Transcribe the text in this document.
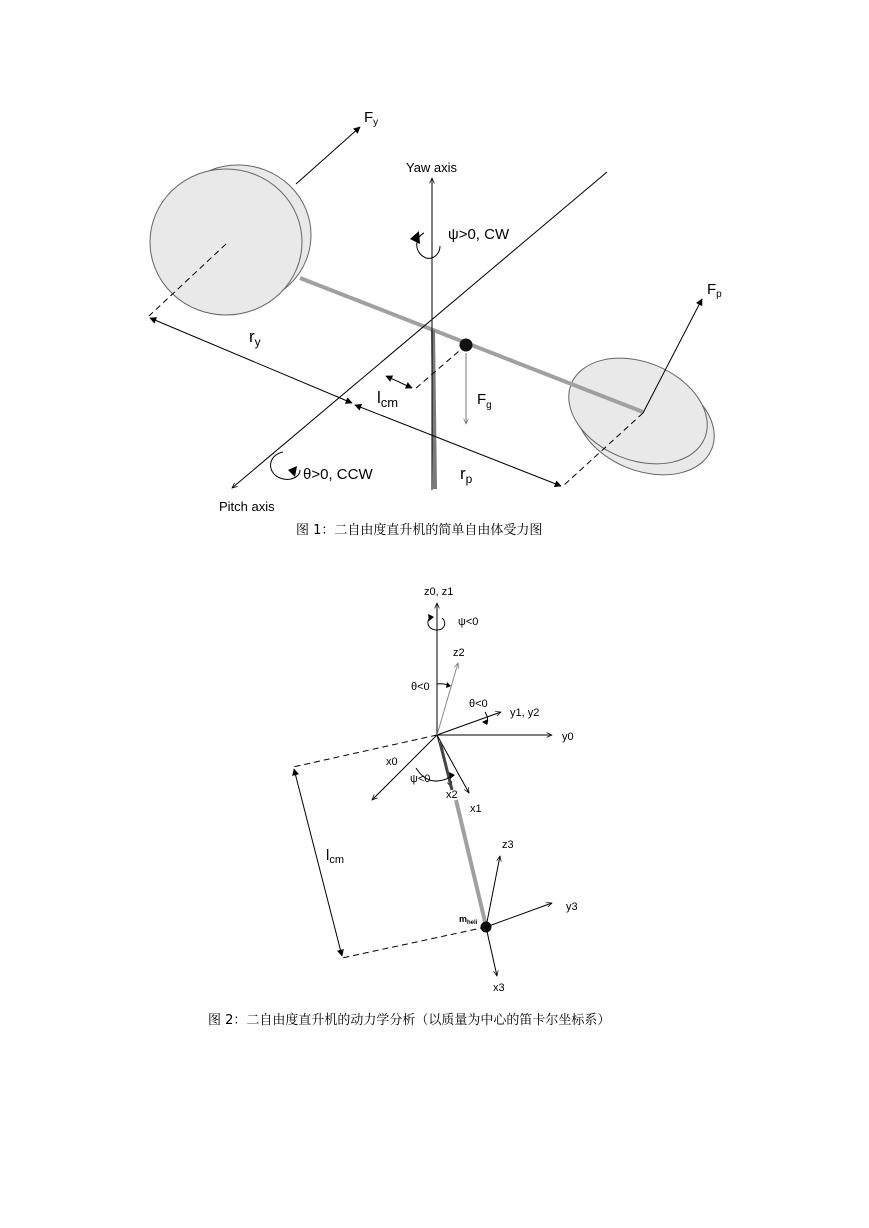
$F_y$
Yaw axis
ψ>0, CW
$F_p$
$r_y$
$l_{cm}$	$F_g$
θ>0, CCW	$r_p$
Pitch axis
z0, z1
ψ<0
z2
θ<0
θ<0
y1, y2
y0
x0
ψ<0
x2
x1
$l_{cm}$
z3
$m_{heli}$
y3
x3
图 1：二自由度直升机的简单自由体受力图
图 2：二自由度直升机的动力学分析（以质量为中心的笛卡尔坐标系）
